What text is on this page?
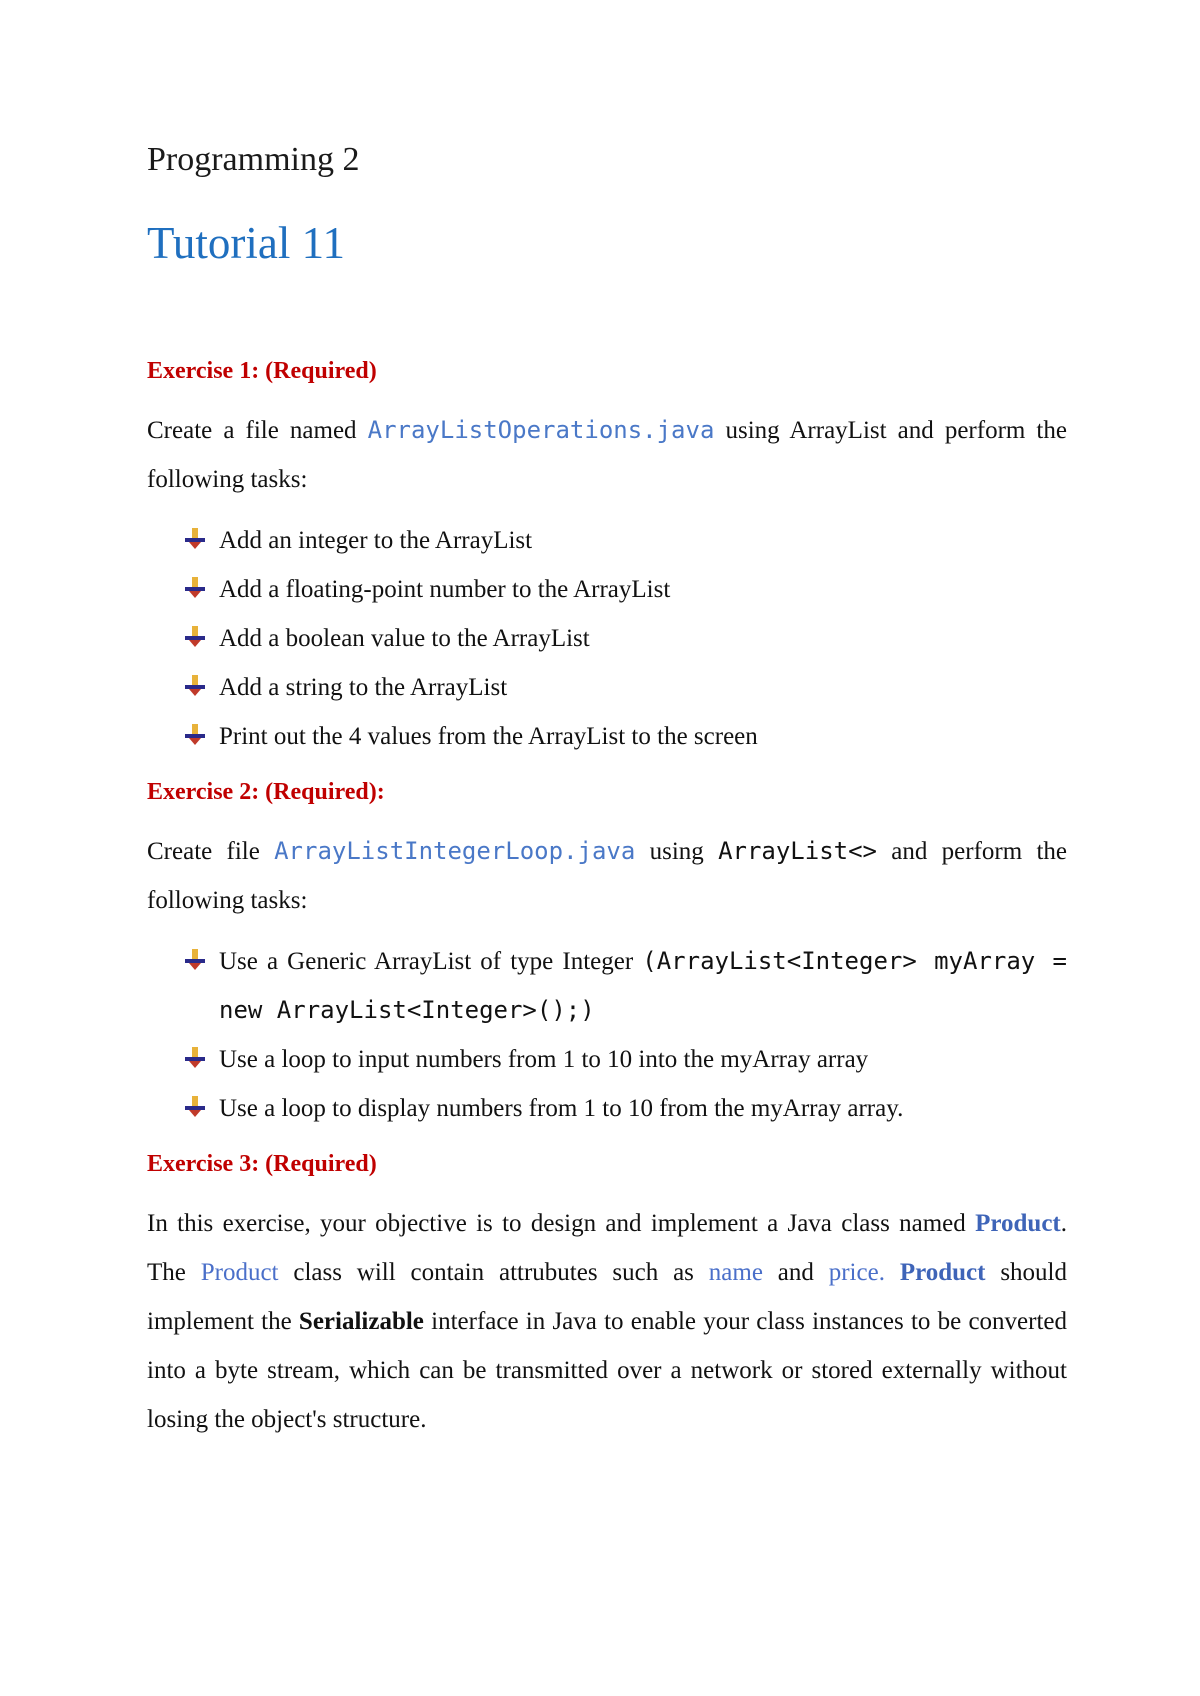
Programming 2
Tutorial 11
Exercise 1: (Required)

Create a file named ArrayListOperations.java using ArrayList and perform the following tasks:

Add an integer to the ArrayList
Add a floating-point number to the ArrayList
Add a boolean value to the ArrayList
Add a string to the ArrayList
Print out the 4 values from the ArrayList to the screen
Exercise 2: (Required):

Create file ArrayListIntegerLoop.java using ArrayList<> and perform the following tasks:

Use a Generic ArrayList of type Integer (ArrayList<Integer> myArray = new ArrayList<Integer>();)
Use a loop to input numbers from 1 to 10 into the myArray array
Use a loop to display numbers from 1 to 10 from the myArray array.
Exercise 3: (Required)

In this exercise, your objective is to design and implement a Java class named Product. The Product class will contain attrubutes such as name and price. Product should implement the Serializable interface in Java to enable your class instances to be converted into a byte stream, which can be transmitted over a network or stored externally without losing the object's structure.
